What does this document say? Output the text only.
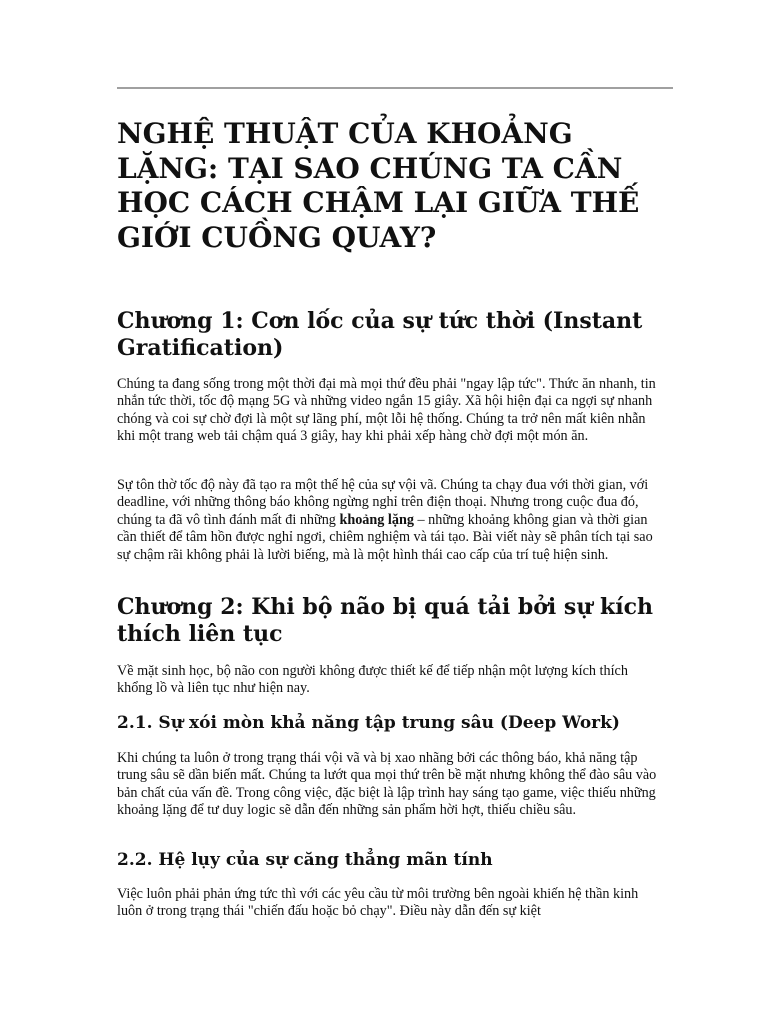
NGHỆ THUẬT CỦA KHOẢNG LẶNG: TẠI SAO CHÚNG TA CẦN HỌC CÁCH CHẬM LẠI GIỮA THẾ GIỚI CUỒNG QUAY?
Chương 1: Cơn lốc của sự tức thời (Instant Gratification)

Chúng ta đang sống trong một thời đại mà mọi thứ đều phải "ngay lập tức". Thức ăn nhanh, tin nhắn tức thời, tốc độ mạng 5G và những video ngắn 15 giây. Xã hội hiện đại ca ngợi sự nhanh chóng và coi sự chờ đợi là một sự lãng phí, một lỗi hệ thống. Chúng ta trở nên mất kiên nhẫn khi một trang web tải chậm quá 3 giây, hay khi phải xếp hàng chờ đợi một món ăn.

Sự tôn thờ tốc độ này đã tạo ra một thế hệ của sự vội vã. Chúng ta chạy đua với thời gian, với deadline, với những thông báo không ngừng nghỉ trên điện thoại. Nhưng trong cuộc đua đó, chúng ta đã vô tình đánh mất đi những khoảng lặng – những khoảng không gian và thời gian cần thiết để tâm hồn được nghỉ ngơi, chiêm nghiệm và tái tạo. Bài viết này sẽ phân tích tại sao sự chậm rãi không phải là lười biếng, mà là một hình thái cao cấp của trí tuệ hiện sinh.

Chương 2: Khi bộ não bị quá tải bởi sự kích thích liên tục

Về mặt sinh học, bộ não con người không được thiết kế để tiếp nhận một lượng kích thích khổng lồ và liên tục như hiện nay.

2.1. Sự xói mòn khả năng tập trung sâu (Deep Work)

Khi chúng ta luôn ở trong trạng thái vội vã và bị xao nhãng bởi các thông báo, khả năng tập trung sâu sẽ dần biến mất. Chúng ta lướt qua mọi thứ trên bề mặt nhưng không thể đào sâu vào bản chất của vấn đề. Trong công việc, đặc biệt là lập trình hay sáng tạo game, việc thiếu những khoảng lặng để tư duy logic sẽ dẫn đến những sản phẩm hời hợt, thiếu chiều sâu.

2.2. Hệ lụy của sự căng thẳng mãn tính

Việc luôn phải phản ứng tức thì với các yêu cầu từ môi trường bên ngoài khiến hệ thần kinh luôn ở trong trạng thái "chiến đấu hoặc bỏ chạy". Điều này dẫn đến sự kiệt
